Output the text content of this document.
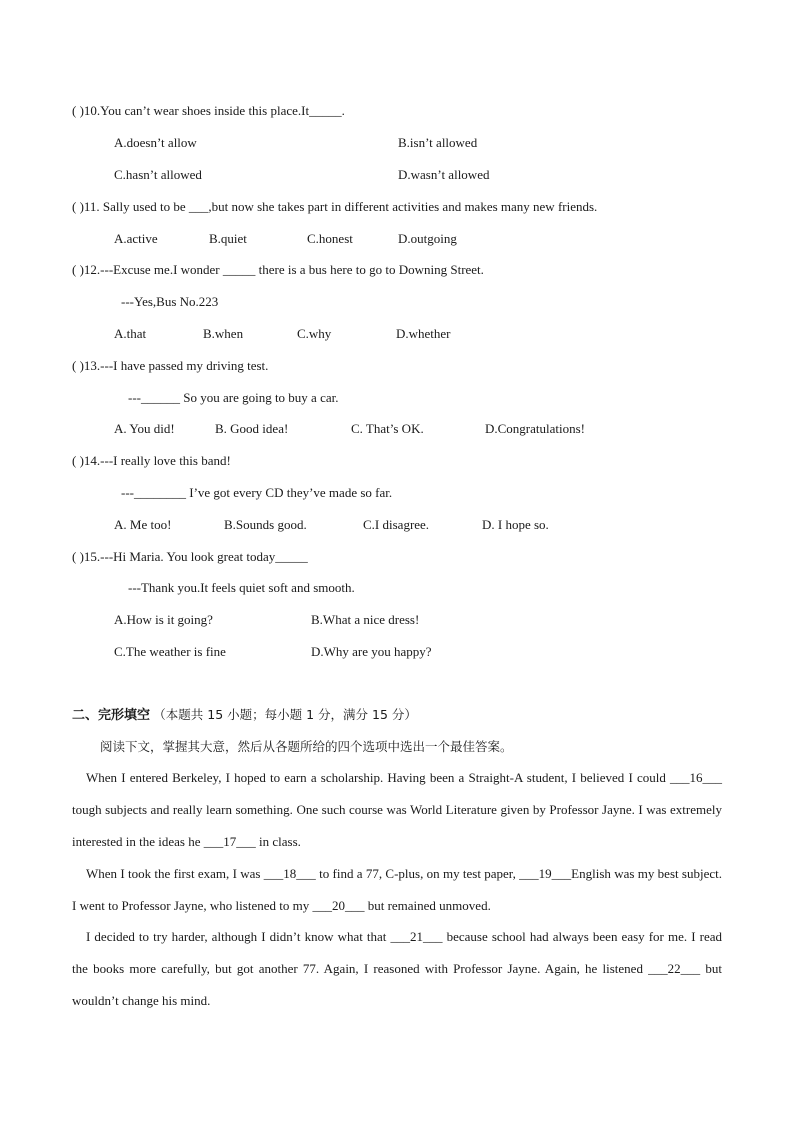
( )10.You can’t wear shoes inside this place.It_____.
A.doesn’t allow	B.isn’t allowed
C.hasn’t allowed	D.wasn’t allowed
( )11. Sally used to be ___,but now she takes part in different activities and makes many new friends.
A.active	B.quiet	C.honest	D.outgoing
( )12.---Excuse me.I wonder _____ there is a bus here to go to Downing Street.
---Yes,Bus No.223
A.that	B.when	C.why	D.whether
( )13.---I have passed my driving test.
---______ So you are going to buy a car.
A. You did!	B. Good idea!	C. That’s OK.	D.Congratulations!
( )14.---I really love this band!
---________ I’ve got every CD they’ve made so far.
A. Me too!	B.Sounds good.	C.I disagree.	D. I hope so.
( )15.---Hi Maria. You look great today_____
---Thank you.It feels quiet soft and smooth.
A.How is it going?	B.What a nice dress!
C.The weather is fine	D.Why are you happy?
二、完形填空 （本题共 15 小题；每小题 1 分，满分 15 分）
阅读下文，掌握其大意，然后从各题所给的四个选项中选出一个最佳答案。
When I entered Berkeley, I hoped to earn a scholarship. Having been a Straight-A student, I believed I could ___16___ tough subjects and really learn something. One such course was World Literature given by Professor Jayne. I was extremely interested in the ideas he ___17___ in class.
When I took the first exam, I was ___18___ to find a 77, C-plus, on my test paper, ___19___English was my best subject. I went to Professor Jayne, who listened to my ___20___ but remained unmoved.
I decided to try harder, although I didn’t know what that ___21___ because school had always been easy for me. I read the books more carefully, but got another 77. Again, I reasoned with Professor Jayne. Again, he listened ___22___ but wouldn’t change his mind.
